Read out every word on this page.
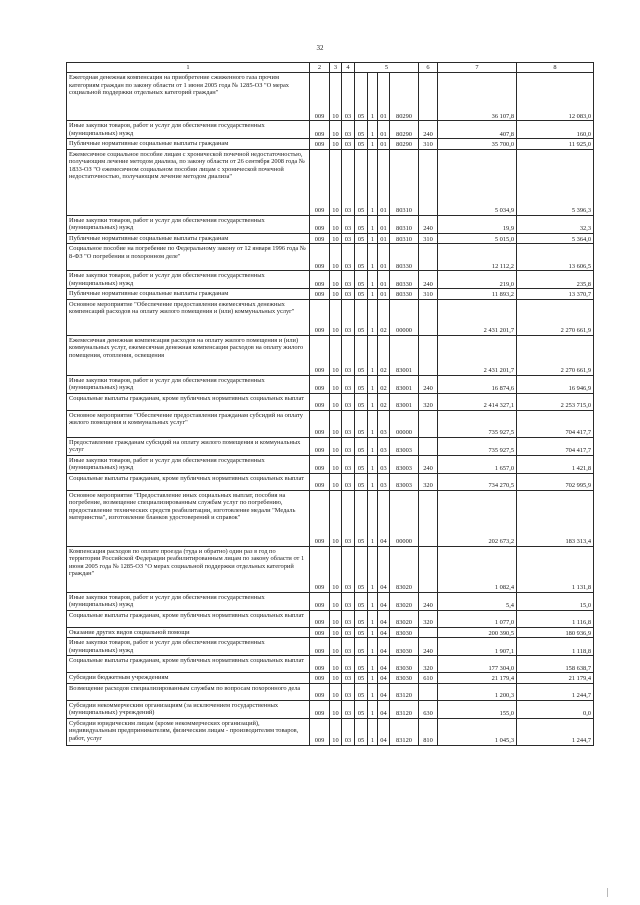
32
1	2	3	4	5				6	7	8
Ежегодная денежная компенсация на приобретение сжиженного газа прочим категориям граждан по закону области от 1 июня 2005 года № 1285-ОЗ "О мерах социальной поддержки отдельных категорий граждан"	009	10	03	05	1	01	80290		36 107,8	12 083,0
Иные закупки товаров, работ и услуг для обеспечения государственных (муниципальных) нужд	009	10	03	05	1	01	80290	240	407,8	160,0
Публичные нормативные социальные выплаты гражданам	009	10	03	05	1	01	80290	310	35 700,0	11 925,0
Ежемесячное социальное пособие лицам с хронической почечной недостаточностью, получающим лечение методом диализа, по закону области от 26 сентября 2008 года № 1833-ОЗ "О ежемесячном социальном пособии лицам с хронической почечной недостаточностью, получающим лечение методом диализа"	009	10	03	05	1	01	80310		5 034,9	5 396,3
Иные закупки товаров, работ и услуг для обеспечения государственных (муниципальных) нужд	009	10	03	05	1	01	80310	240	19,9	32,3
Публичные нормативные социальные выплаты гражданам	009	10	03	05	1	01	80310	310	5 015,0	5 364,0
Социальное пособие на погребение по Федеральному закону от 12 января 1996 года № 8-ФЗ "О погребении и похоронном деле"	009	10	03	05	1	01	80330		12 112,2	13 606,5
Иные закупки товаров, работ и услуг для обеспечения государственных (муниципальных) нужд	009	10	03	05	1	01	80330	240	219,0	235,8
Публичные нормативные социальные выплаты гражданам	009	10	03	05	1	01	80330	310	11 893,2	13 370,7
Основное мероприятие "Обеспечение предоставления ежемесячных денежных компенсаций расходов на оплату жилого помещения и (или) коммунальных услуг"	009	10	03	05	1	02	00000		2 431 201,7	2 270 661,9
Ежемесячная денежная компенсация расходов на оплату жилого помещения и (или) коммунальных услуг, ежемесячная денежная компенсация расходов на оплату жилого помещения, отопления, освещения	009	10	03	05	1	02	83001		2 431 201,7	2 270 661,9
Иные закупки товаров, работ и услуг для обеспечения государственных (муниципальных) нужд	009	10	03	05	1	02	83001	240	16 874,6	16 946,9
Социальные выплаты гражданам, кроме публичных нормативных социальных выплат	009	10	03	05	1	02	83001	320	2 414 327,1	2 253 715,0
Основное мероприятие "Обеспечение предоставления гражданам субсидий на оплату жилого помещения и коммунальных услуг"	009	10	03	05	1	03	00000		735 927,5	704 417,7
Предоставление гражданам субсидий на оплату жилого помещения и коммунальных услуг	009	10	03	05	1	03	83003		735 927,5	704 417,7
Иные закупки товаров, работ и услуг для обеспечения государственных (муниципальных) нужд	009	10	03	05	1	03	83003	240	1 657,0	1 421,8
Социальные выплаты гражданам, кроме публичных нормативных социальных выплат	009	10	03	05	1	03	83003	320	734 270,5	702 995,9
Основное мероприятие "Предоставление иных социальных выплат, пособия на погребение, возмещение специализированным службам услуг по погребению, предоставление технических средств реабилитации, изготовление медали "Медаль материнства", изготовление бланков удостоверений и справок"	009	10	03	05	1	04	00000		202 673,2	183 313,4
Компенсация расходов по оплате проезда (туда и обратно) один раз в год по территории Российской Федерации реабилитированным лицам по закону области от 1 июня 2005 года № 1285-ОЗ "О мерах социальной поддержки отдельных категорий граждан"	009	10	03	05	1	04	83020		1 082,4	1 131,8
Иные закупки товаров, работ и услуг для обеспечения государственных (муниципальных) нужд	009	10	03	05	1	04	83020	240	5,4	15,0
Социальные выплаты гражданам, кроме публичных нормативных социальных выплат	009	10	03	05	1	04	83020	320	1 077,0	1 116,8
Оказание других видов социальной помощи	009	10	03	05	1	04	83030		200 390,5	180 936,9
Иные закупки товаров, работ и услуг для обеспечения государственных (муниципальных) нужд	009	10	03	05	1	04	83030	240	1 907,1	1 118,8
Социальные выплаты гражданам, кроме публичных нормативных социальных выплат	009	10	03	05	1	04	83030	320	177 304,0	158 638,7
Субсидии бюджетным учреждениям	009	10	03	05	1	04	83030	610	21 179,4	21 179,4
Возмещение расходов специализированным службам по вопросам похоронного дела	009	10	03	05	1	04	83120		1 200,3	1 244,7
Субсидии некоммерческим организациям (за исключением государственных (муниципальных) учреждений)	009	10	03	05	1	04	83120	630	155,0	0,0
Субсидии юридическим лицам (кроме некоммерческих организаций), индивидуальным предпринимателям, физическим лицам - производителям товаров, работ, услуг	009	10	03	05	1	04	83120	810	1 045,3	1 244,7
